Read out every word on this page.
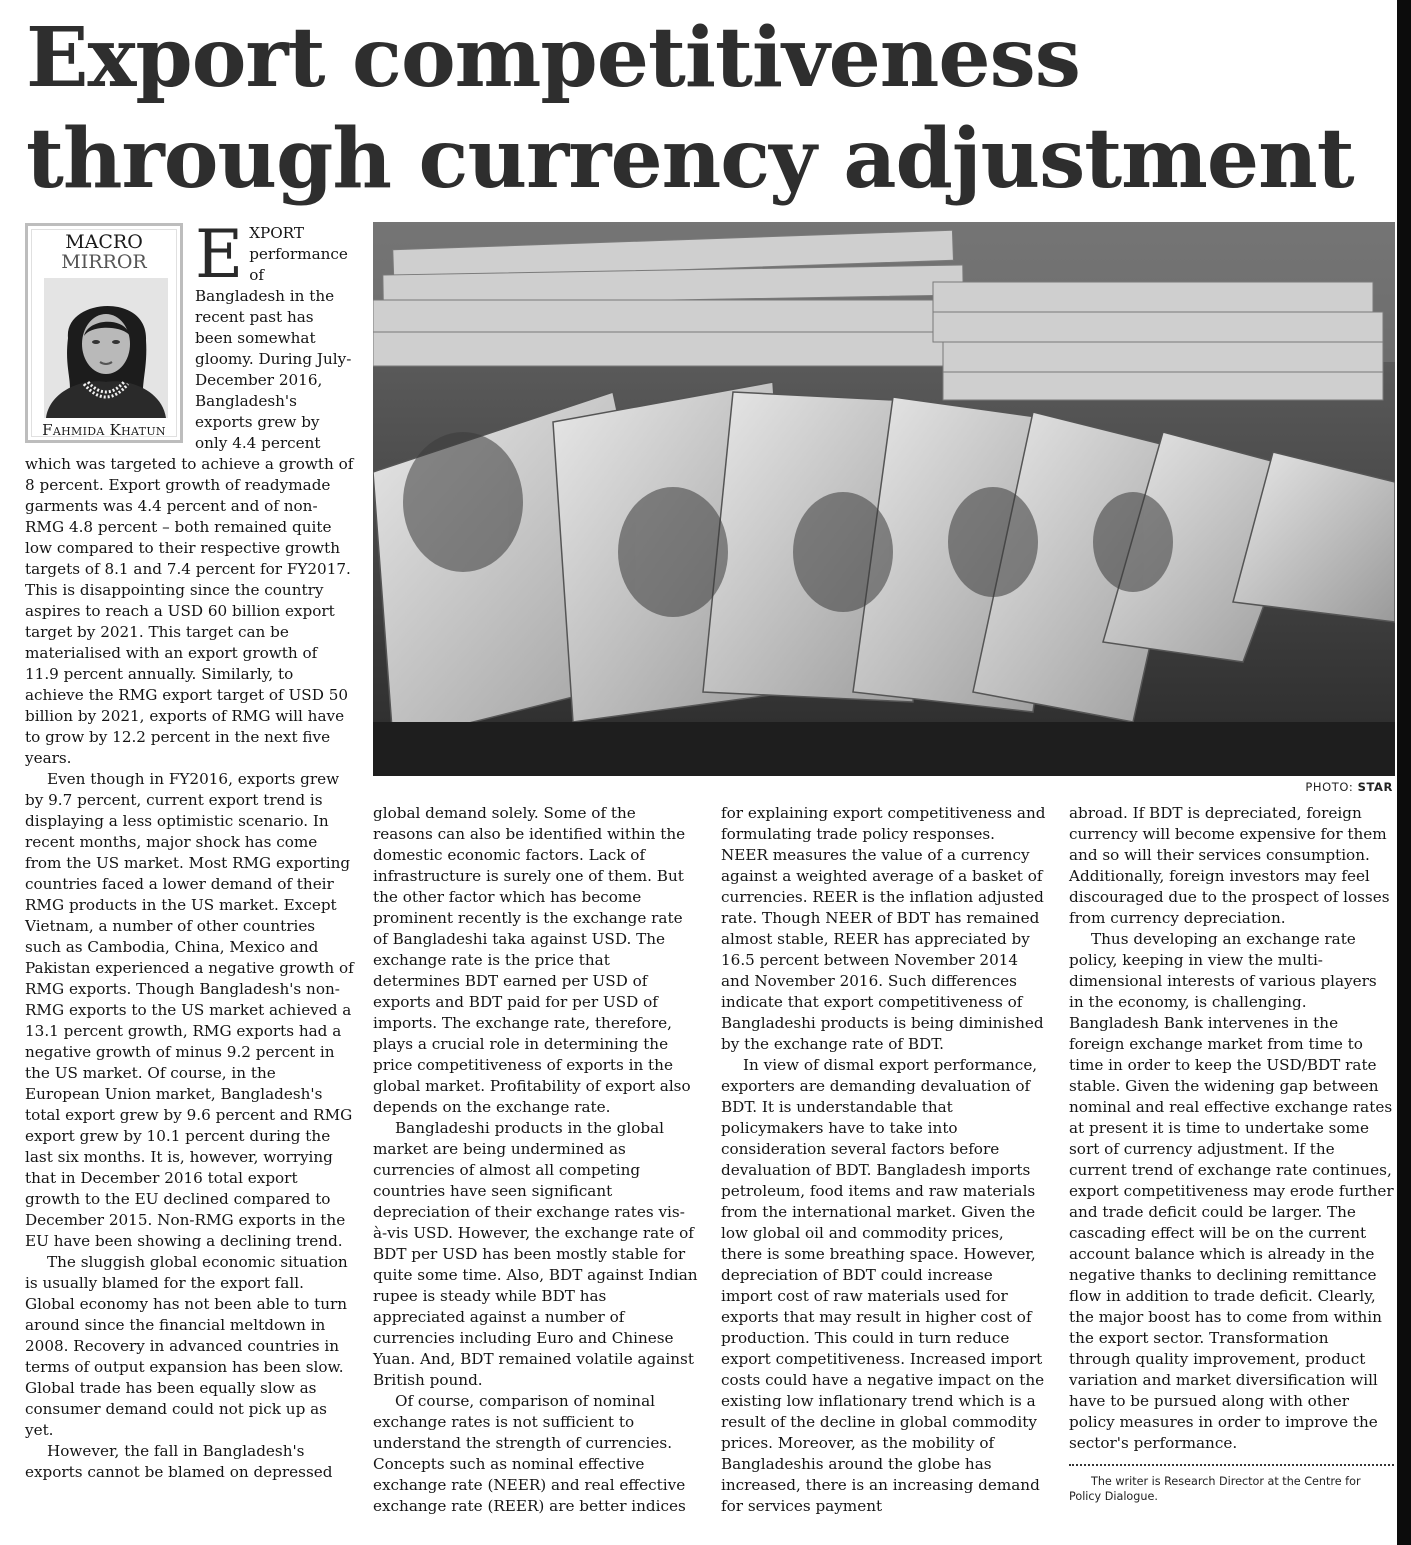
Export competitiveness through currency adjustment
MACRO
MIRROR
Fahmida Khatun

EXPORT performance of Bangladesh in the recent past has been somewhat gloomy. During July-December 2016, Bangladesh's exports grew by only 4.4 percent which was targeted to achieve a growth of 8 percent. Export growth of readymade garments was 4.4 percent and of non-RMG 4.8 percent – both remained quite low compared to their respective growth targets of 8.1 and 7.4 percent for FY2017. This is disappointing since the country aspires to reach a USD 60 billion export target by 2021. This target can be materialised with an export growth of 11.9 percent annually. Similarly, to achieve the RMG export target of USD 50 billion by 2021, exports of RMG will have to grow by 12.2 percent in the next five years.

Even though in FY2016, exports grew by 9.7 percent, current export trend is displaying a less optimistic scenario. In recent months, major shock has come from the US market. Most RMG exporting countries faced a lower demand of their RMG products in the US market. Except Vietnam, a number of other countries such as Cambodia, China, Mexico and Pakistan experienced a negative growth of RMG exports. Though Bangladesh's non-RMG exports to the US market achieved a 13.1 percent growth, RMG exports had a negative growth of minus 9.2 percent in the US market. Of course, in the European Union market, Bangladesh's total export grew by 9.6 percent and RMG export grew by 10.1 percent during the last six months. It is, however, worrying that in December 2016 total export growth to the EU declined compared to December 2015. Non-RMG exports in the EU have been showing a declining trend.

The sluggish global economic situation is usually blamed for the export fall. Global economy has not been able to turn around since the financial meltdown in 2008. Recovery in advanced countries in terms of output expansion has been slow. Global trade has been equally slow as consumer demand could not pick up as yet.

However, the fall in Bangladesh's exports cannot be blamed on depressed

PHOTO: STAR

global demand solely. Some of the reasons can also be identified within the domestic economic factors. Lack of infrastructure is surely one of them. But the other factor which has become prominent recently is the exchange rate of Bangladeshi taka against USD. The exchange rate is the price that determines BDT earned per USD of exports and BDT paid for per USD of imports. The exchange rate, therefore, plays a crucial role in determining the price competitiveness of exports in the global market. Profitability of export also depends on the exchange rate.

Bangladeshi products in the global market are being undermined as currencies of almost all competing countries have seen significant depreciation of their exchange rates vis-à-vis USD. However, the exchange rate of BDT per USD has been mostly stable for quite some time. Also, BDT against Indian rupee is steady while BDT has appreciated against a number of currencies including Euro and Chinese Yuan. And, BDT remained volatile against British pound.

Of course, comparison of nominal exchange rates is not sufficient to understand the strength of currencies. Concepts such as nominal effective exchange rate (NEER) and real effective exchange rate (REER) are better indices

for explaining export competitiveness and formulating trade policy responses. NEER measures the value of a currency against a weighted average of a basket of currencies. REER is the inflation adjusted rate. Though NEER of BDT has remained almost stable, REER has appreciated by 16.5 percent between November 2014 and November 2016. Such differences indicate that export competitiveness of Bangladeshi products is being diminished by the exchange rate of BDT.

In view of dismal export performance, exporters are demanding devaluation of BDT. It is understandable that policymakers have to take into consideration several factors before devaluation of BDT. Bangladesh imports petroleum, food items and raw materials from the international market. Given the low global oil and commodity prices, there is some breathing space. However, depreciation of BDT could increase import cost of raw materials used for exports that may result in higher cost of production. This could in turn reduce export competitiveness. Increased import costs could have a negative impact on the existing low inflationary trend which is a result of the decline in global commodity prices. Moreover, as the mobility of Bangladeshis around the globe has increased, there is an increasing demand for services payment

abroad. If BDT is depreciated, foreign currency will become expensive for them and so will their services consumption. Additionally, foreign investors may feel discouraged due to the prospect of losses from currency depreciation.

Thus developing an exchange rate policy, keeping in view the multi-dimensional interests of various players in the economy, is challenging. Bangladesh Bank intervenes in the foreign exchange market from time to time in order to keep the USD/BDT rate stable. Given the widening gap between nominal and real effective exchange rates at present it is time to undertake some sort of currency adjustment. If the current trend of exchange rate continues, export competitiveness may erode further and trade deficit could be larger. The cascading effect will be on the current account balance which is already in the negative thanks to declining remittance flow in addition to trade deficit. Clearly, the major boost has to come from within the export sector. Transformation through quality improvement, product variation and market diversification will have to be pursued along with other policy measures in order to improve the sector's performance.

The writer is Research Director at the Centre for Policy Dialogue.
